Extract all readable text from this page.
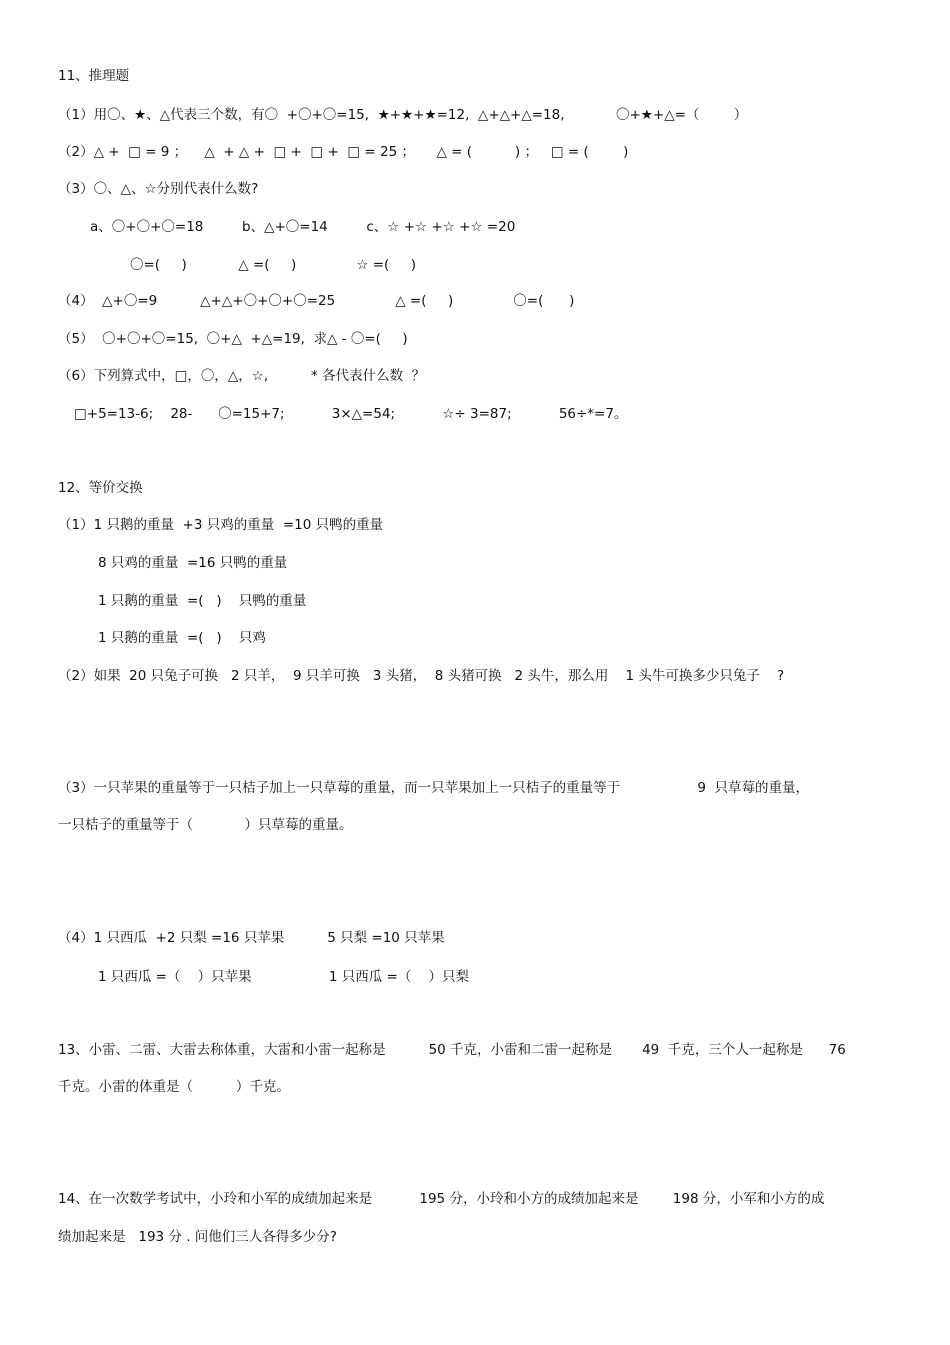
11、推理题
（1）用〇、★、△代表三个数，有〇  +〇+〇=15,  ★+★+★=12,  △+△+△=18,            〇+★+△=（        ）
（2）△ +  □ = 9 ；    △  + △ +  □ +  □ +  □ = 25 ；     △ = (          ) ；   □ = (        )
（3）〇、△、☆分别代表什么数?
a、〇+〇+〇=18         b、△+〇=14         c、☆ +☆ +☆ +☆ =20
〇=(     )            △ =(     )              ☆ =(     )
（4）  △+〇=9          △+△+〇+〇+〇=25              △ =(     )              〇=(      )
（5）  〇+〇+〇=15,  〇+△  +△=19,  求△ - 〇=(     )
（6）下列算式中，□，〇，△，☆,          * 各代表什么数  ？
□+5=13-6;    28-      〇=15+7;           3×△=54;           ☆÷ 3=87;           56÷*=7。
12、等价交换
（1）1 只鹅的重量  +3 只鸡的重量  =10 只鸭的重量
8 只鸡的重量  =16 只鸭的重量
1 只鹅的重量  =(   )    只鸭的重量
1 只鹅的重量  =(   )    只鸡
（2）如果  20 只兔子可换   2 只羊，  9 只羊可换   3 头猪，  8 头猪可换   2 头牛，那么用    1 头牛可换多少只兔子    ?
（3）一只苹果的重量等于一只桔子加上一只草莓的重量，而一只苹果加上一只桔子的重量等于                  9  只草莓的重量，
一只桔子的重量等于（            ）只草莓的重量。
（4）1 只西瓜  +2 只梨 =16 只苹果          5 只梨 =10 只苹果
1 只西瓜 =（    ）只苹果                  1 只西瓜 =（    ）只梨
13、小雷、二雷、大雷去称体重，大雷和小雷一起称是          50 千克，小雷和二雷一起称是       49  千克，三个人一起称是      76
千克。小雷的体重是（          ）千克。
14、在一次数学考试中，小玲和小军的成绩加起来是           195 分，小玲和小方的成绩加起来是        198 分，小军和小方的成
绩加起来是   193 分 . 问他们三人各得多少分?
